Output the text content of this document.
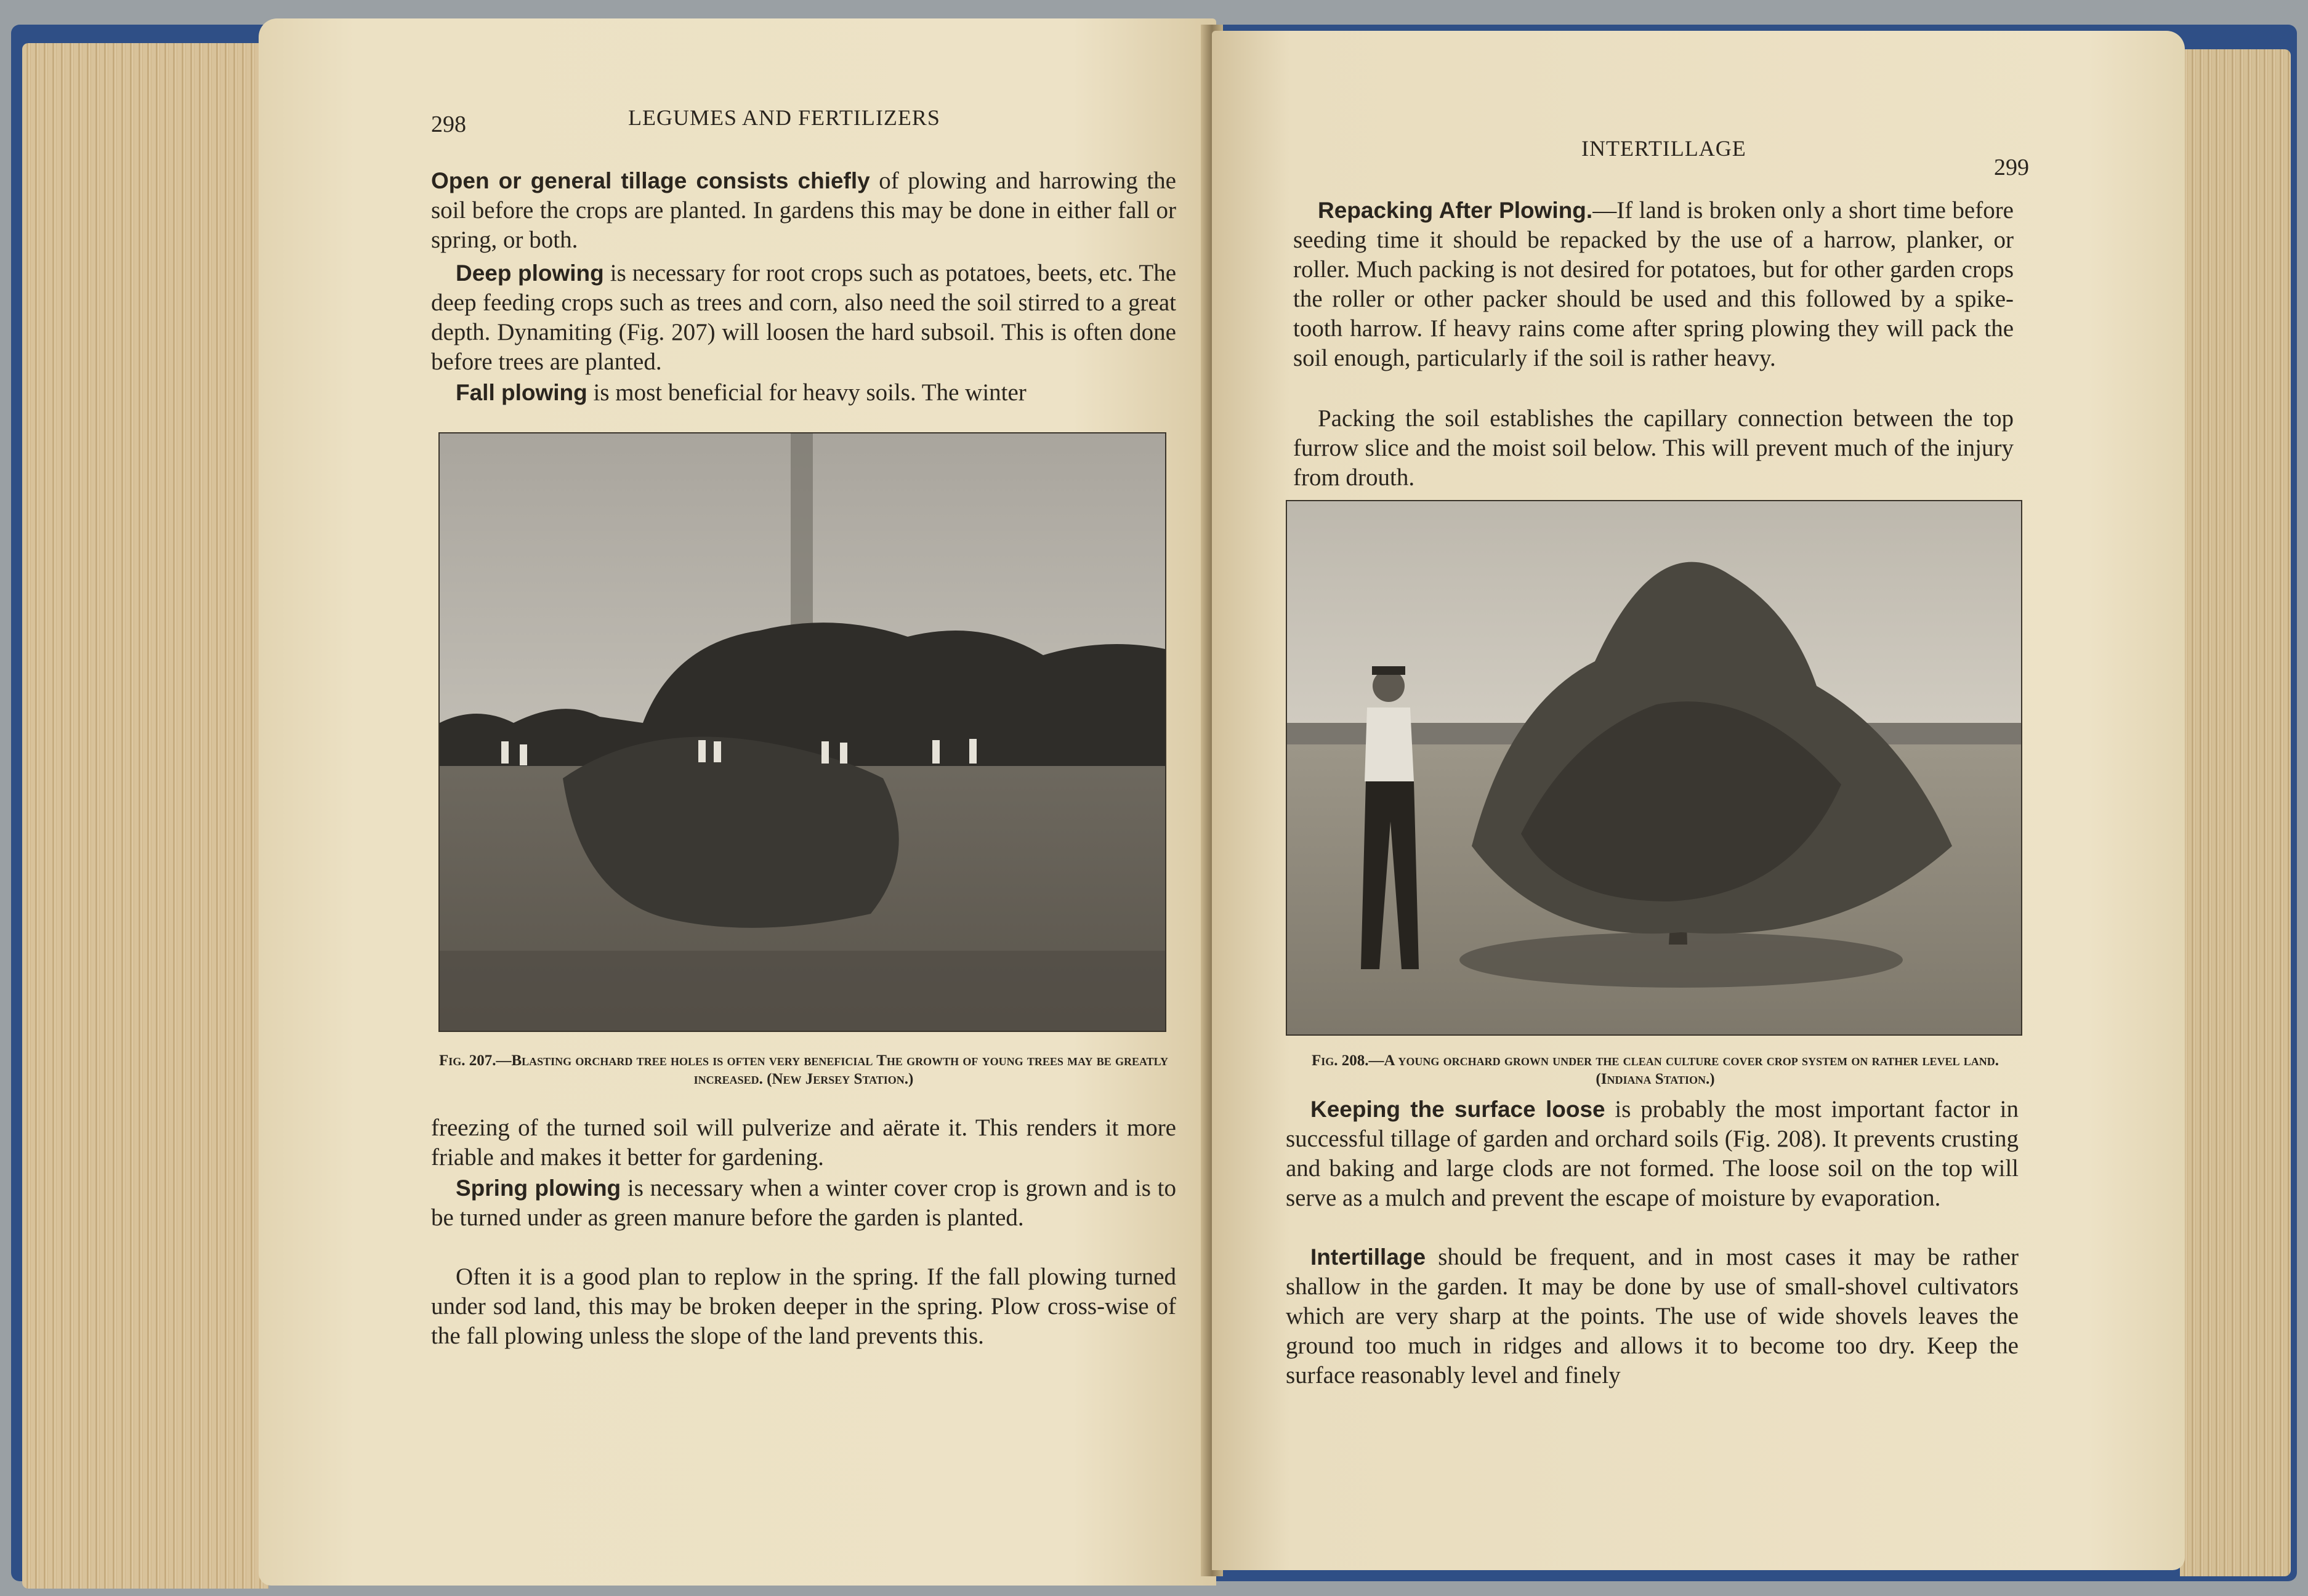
298	LEGUMES AND FERTILIZERS
Open or general tillage consists chiefly of plowing and harrowing the soil before the crops are planted. In gardens this may be done in either fall or spring, or both.
Deep plowing is necessary for root crops such as potatoes, beets, etc. The deep feeding crops such as trees and corn, also need the soil stirred to a great depth. Dynamiting (Fig. 207) will loosen the hard subsoil. This is often done before trees are planted.
Fall plowing is most beneficial for heavy soils. The winter
Fig. 207.—Blasting orchard tree holes is often very beneficial The growth of young trees may be greatly increased. (New Jersey Station.)
freezing of the turned soil will pulverize and aërate it. This renders it more friable and makes it better for gardening.
Spring plowing is necessary when a winter cover crop is grown and is to be turned under as green manure before the garden is planted.
Often it is a good plan to replow in the spring. If the fall plowing turned under sod land, this may be broken deeper in the spring. Plow cross-wise of the fall plowing unless the slope of the land prevents this.
INTERTILLAGE
299
Repacking After Plowing.—If land is broken only a short time before seeding time it should be repacked by the use of a harrow, planker, or roller. Much packing is not desired for potatoes, but for other garden crops the roller or other packer should be used and this followed by a spike-tooth harrow. If heavy rains come after spring plowing they will pack the soil enough, particularly if the soil is rather heavy.
Packing the soil establishes the capillary connection between the top furrow slice and the moist soil below. This will prevent much of the injury from drouth.
Fig. 208.—A young orchard grown under the clean culture cover crop system on rather level land. (Indiana Station.)
Keeping the surface loose is probably the most important factor in successful tillage of garden and orchard soils (Fig. 208). It prevents crusting and baking and large clods are not formed. The loose soil on the top will serve as a mulch and prevent the escape of moisture by evaporation.
Intertillage should be frequent, and in most cases it may be rather shallow in the garden. It may be done by use of small-shovel cultivators which are very sharp at the points. The use of wide shovels leaves the ground too much in ridges and allows it to become too dry. Keep the surface reasonably level and finely
